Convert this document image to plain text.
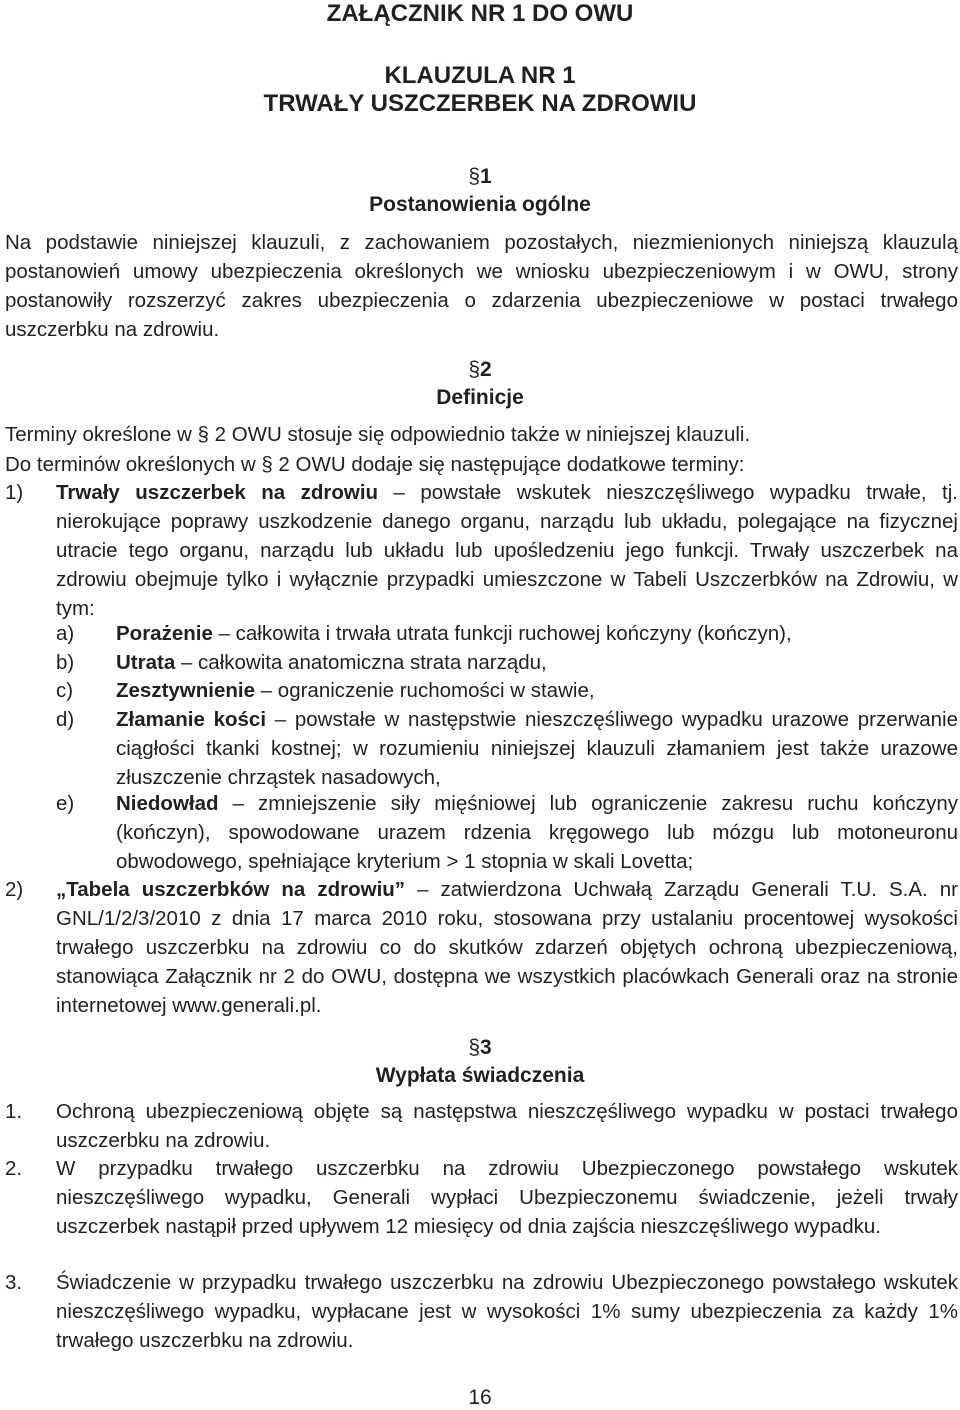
ZAŁĄCZNIK NR 1 DO OWU
KLAUZULA NR 1
TRWAŁY USZCZERBEK NA ZDROWIU
§1
Postanowienia ogólne
Na podstawie niniejszej klauzuli, z zachowaniem pozostałych, niezmienionych niniejszą klauzulą postanowień umowy ubezpieczenia określonych we wniosku ubezpieczeniowym i w OWU, strony postanowiły rozszerzyć zakres ubezpieczenia o zdarzenia ubezpieczeniowe w postaci trwałego uszczerbku na zdrowiu.
§2
Definicje
Terminy określone w § 2 OWU stosuje się odpowiednio także w niniejszej klauzuli.
Do terminów określonych w § 2 OWU dodaje się następujące dodatkowe terminy:
1) Trwały uszczerbek na zdrowiu – powstałe wskutek nieszczęśliwego wypadku trwałe, tj. nierokujące poprawy uszkodzenie danego organu, narządu lub układu, polegające na fizycznej utracie tego organu, narządu lub układu lub upośledzeniu jego funkcji. Trwały uszczerbek na zdrowiu obejmuje tylko i wyłącznie przypadki umieszczone w Tabeli Uszczerbków na Zdrowiu, w tym:
a) Porażenie – całkowita i trwała utrata funkcji ruchowej kończyny (kończyn),
b) Utrata – całkowita anatomiczna strata narządu,
c) Zesztywnienie – ograniczenie ruchomości w stawie,
d) Złamanie kości – powstałe w następstwie nieszczęśliwego wypadku urazowe przerwanie ciągłości tkanki kostnej; w rozumieniu niniejszej klauzuli złamaniem jest także urazowe złuszczenie chrząstek nasadowych,
e) Niedowład – zmniejszenie siły mięśniowej lub ograniczenie zakresu ruchu kończyny (kończyn), spowodowane urazem rdzenia kręgowego lub mózgu lub motoneuronu obwodowego, spełniające kryterium > 1 stopnia w skali Lovetta;
2) „Tabela uszczerbków na zdrowiu” – zatwierdzona Uchwałą Zarządu Generali T.U. S.A. nr GNL/1/2/3/2010 z dnia 17 marca 2010 roku, stosowana przy ustalaniu procentowej wysokości trwałego uszczerbku na zdrowiu co do skutków zdarzeń objętych ochroną ubezpieczeniową, stanowiąca Załącznik nr 2 do OWU, dostępna we wszystkich placówkach Generali oraz na stronie internetowej www.generali.pl.
§3
Wypłata świadczenia
1. Ochroną ubezpieczeniową objęte są następstwa nieszczęśliwego wypadku w postaci trwałego uszczerbku na zdrowiu.
2. W przypadku trwałego uszczerbku na zdrowiu Ubezpieczonego powstałego wskutek nieszczęśliwego wypadku, Generali wypłaci Ubezpieczonemu świadczenie, jeżeli trwały uszczerbek nastąpił przed upływem 12 miesięcy od dnia zajścia nieszczęśliwego wypadku.
3. Świadczenie w przypadku trwałego uszczerbku na zdrowiu Ubezpieczonego powstałego wskutek nieszczęśliwego wypadku, wypłacane jest w wysokości 1% sumy ubezpieczenia za każdy 1% trwałego uszczerbku na zdrowiu.
16
